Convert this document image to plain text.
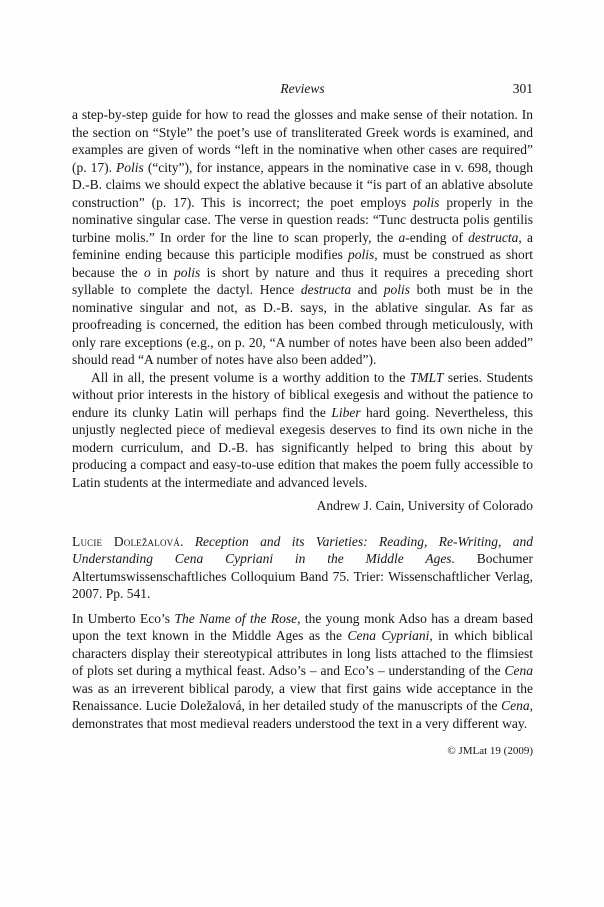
Reviews	301

a step-by-step guide for how to read the glosses and make sense of their notation. In the section on “Style” the poet’s use of transliterated Greek words is examined, and examples are given of words “left in the nominative when other cases are required” (p. 17). Polis (“city”), for instance, appears in the nominative case in v. 698, though D.-B. claims we should expect the ablative because it “is part of an ablative absolute construction” (p. 17). This is incorrect; the poet employs polis properly in the nominative singular case. The verse in question reads: “Tunc destructa polis gentilis turbine molis.” In order for the line to scan properly, the a-ending of destructa, a feminine ending because this participle modifies polis, must be construed as short because the o in polis is short by nature and thus it requires a preceding short syllable to complete the dactyl. Hence destructa and polis both must be in the nominative singular and not, as D.-B. says, in the ablative singular. As far as proofreading is concerned, the edition has been combed through meticulously, with only rare exceptions (e.g., on p. 20, “A number of notes have been also been added” should read “A number of notes have also been added”).

All in all, the present volume is a worthy addition to the TMLT series. Students without prior interests in the history of biblical exegesis and without the patience to endure its clunky Latin will perhaps find the Liber hard going. Nevertheless, this unjustly neglected piece of medieval exegesis deserves to find its own niche in the modern curriculum, and D.-B. has significantly helped to bring this about by producing a compact and easy-to-use edition that makes the poem fully accessible to Latin students at the intermediate and advanced levels.

Andrew J. Cain, University of Colorado

Lucie Doležalová. Reception and its Varieties: Reading, Re-Writing, and Understanding Cena Cypriani in the Middle Ages. Bochumer Altertumswissenschaftliches Colloquium Band 75. Trier: Wissenschaftlicher Verlag, 2007. Pp. 541.

In Umberto Eco’s The Name of the Rose, the young monk Adso has a dream based upon the text known in the Middle Ages as the Cena Cypriani, in which biblical characters display their stereotypical attributes in long lists attached to the flimsiest of plots set during a mythical feast. Adso’s – and Eco’s – understanding of the Cena was as an irreverent biblical parody, a view that first gains wide acceptance in the Renaissance. Lucie Doležalová, in her detailed study of the manuscripts of the Cena, demonstrates that most medieval readers understood the text in a very different way.

© JMLat 19 (2009)
